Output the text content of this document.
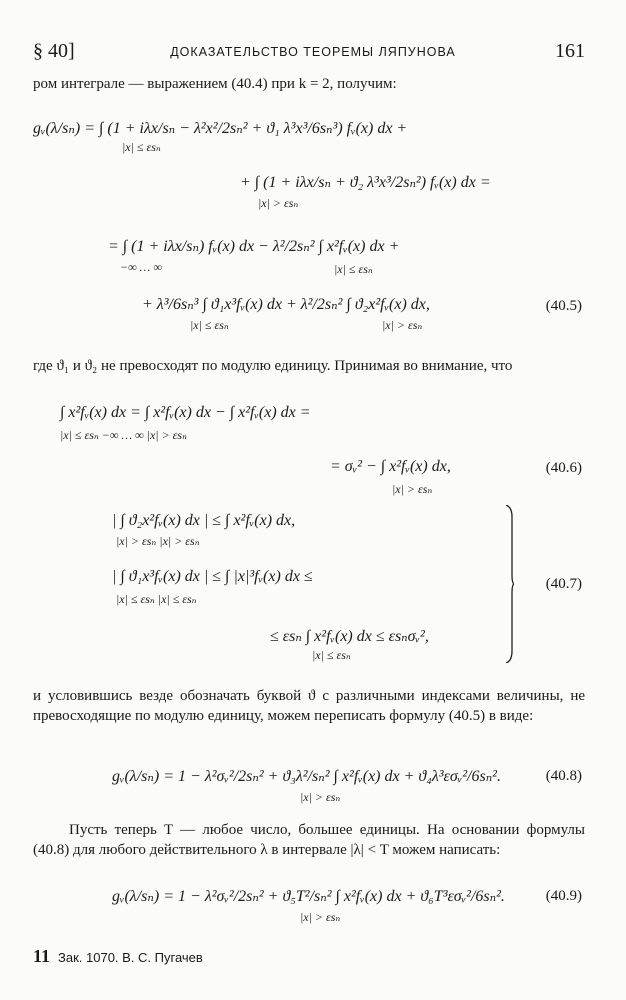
§ 40]	ДОКАЗАТЕЛЬСТВО ТЕОРЕМЫ ЛЯПУНОВА	161
ром интеграле — выражением (40.4) при k = 2, получим:
gᵥ(λ/sₙ) = ∫ (1 + iλx/sₙ − λ²x²/2sₙ² + ϑ₁ λ³x³/6sₙ³) fᵥ(x) dx +
|x| ≤ εsₙ
+ ∫ (1 + iλx/sₙ + ϑ₂ λ³x³/2sₙ²) fᵥ(x) dx =
|x| > εsₙ
= ∫ (1 + iλx/sₙ) fᵥ(x) dx − λ²/2sₙ² ∫ x²fᵥ(x) dx +
−∞ … ∞	|x| ≤ εsₙ
+ λ³/6sₙ³ ∫ ϑ₁x³fᵥ(x) dx + λ²/2sₙ² ∫ ϑ₂x²fᵥ(x) dx,
|x| ≤ εsₙ	|x| > εsₙ
(40.5)
где ϑ₁ и ϑ₂ не превосходят по модулю единицу. Принимая во внимание, что
∫ x²fᵥ(x) dx = ∫ x²fᵥ(x) dx − ∫ x²fᵥ(x) dx =
|x| ≤ εsₙ −∞ … ∞ |x| > εsₙ
= σᵥ² − ∫ x²fᵥ(x) dx,
|x| > εsₙ
(40.6)
| ∫ ϑ₂x²fᵥ(x) dx | ≤ ∫ x²fᵥ(x) dx,
|x| > εsₙ |x| > εsₙ
| ∫ ϑ₁x³fᵥ(x) dx | ≤ ∫ |x|³fᵥ(x) dx ≤
|x| ≤ εsₙ |x| ≤ εsₙ
≤ εsₙ ∫ x²fᵥ(x) dx ≤ εsₙσᵥ²,
|x| ≤ εsₙ
(40.7)
и условившись везде обозначать буквой ϑ с различными индексами величины, не превосходящие по модулю единицу, можем переписать формулу (40.5) в виде:
gᵥ(λ/sₙ) = 1 − λ²σᵥ²/2sₙ² + ϑ₃λ²/sₙ² ∫ x²fᵥ(x) dx + ϑ₄λ³εσᵥ²/6sₙ².
|x| > εsₙ
(40.8)
Пусть теперь T — любое число, большее единицы. На основании формулы (40.8) для любого действительного λ в интервале |λ| < T можем написать:
gᵥ(λ/sₙ) = 1 − λ²σᵥ²/2sₙ² + ϑ₅T²/sₙ² ∫ x²fᵥ(x) dx + ϑ₆T³εσᵥ²/6sₙ².
|x| > εsₙ
(40.9)
11 Зак. 1070. В. С. Пугачев
